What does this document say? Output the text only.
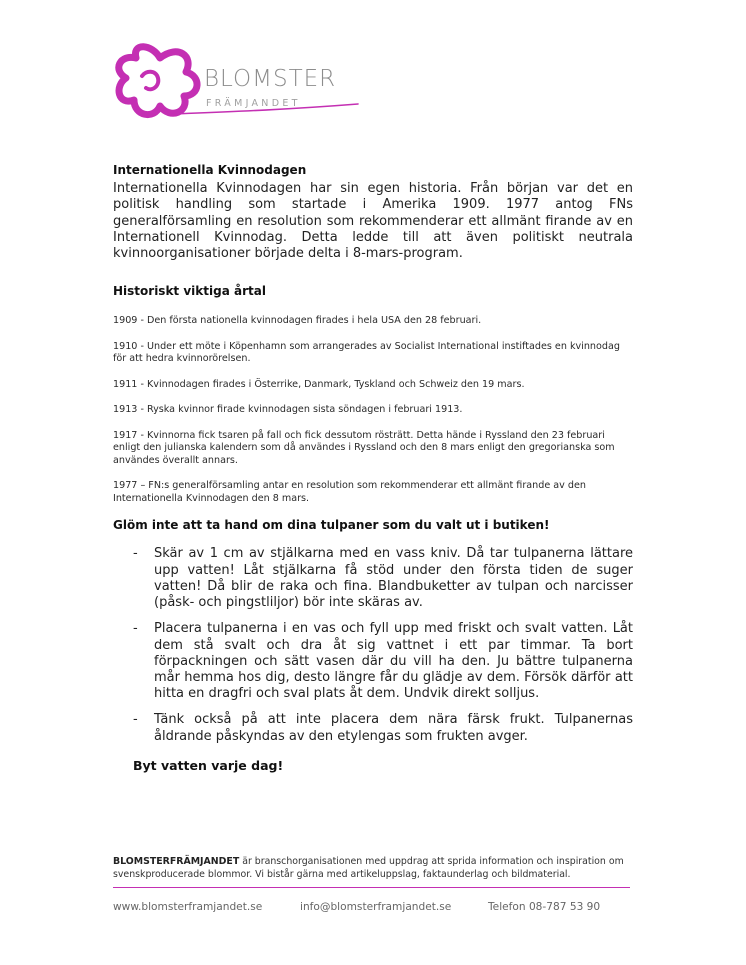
BLOMSTER
FRÄMJANDET
Internationella Kvinnodagen

Internationella Kvinnodagen har sin egen historia. Från början var det en politisk handling som startade i Amerika 1909. 1977 antog FNs generalförsamling en resolution som rekommenderar ett allmänt firande av en Internationell Kvinnodag. Detta ledde till att även politiskt neutrala kvinnoorganisationer började delta i 8-mars-program.

Historiskt viktiga årtal

1909 - Den första nationella kvinnodagen firades i hela USA den 28 februari.

1910 - Under ett möte i Köpenhamn som arrangerades av Socialist International instiftades en kvinnodag för att hedra kvinnorörelsen.

1911 - Kvinnodagen firades i Österrike, Danmark, Tyskland och Schweiz den 19 mars.

1913 - Ryska kvinnor firade kvinnodagen sista söndagen i februari 1913.

1917 - Kvinnorna fick tsaren på fall och fick dessutom rösträtt. Detta hände i Ryssland den 23 februari enligt den julianska kalendern som då användes i Ryssland och den 8 mars enligt den gregorianska som användes överallt annars.

1977 – FN:s generalförsamling antar en resolution som rekommenderar ett allmänt firande av den Internationella Kvinnodagen den 8 mars.

Glöm inte att ta hand om dina tulpaner som du valt ut i butiken!
- Skär av 1 cm av stjälkarna med en vass kniv. Då tar tulpanerna lättare upp vatten! Låt stjälkarna få stöd under den första tiden de suger vatten! Då blir de raka och fina. Blandbuketter av tulpan och narcisser (påsk- och pingstliljor) bör inte skäras av.
- Placera tulpanerna i en vas och fyll upp med friskt och svalt vatten. Låt dem stå svalt och dra åt sig vattnet i ett par timmar. Ta bort förpackningen och sätt vasen där du vill ha den. Ju bättre tulpanerna mår hemma hos dig, desto längre får du glädje av dem. Försök därför att hitta en dragfri och sval plats åt dem. Undvik direkt solljus.
- Tänk också på att inte placera dem nära färsk frukt. Tulpanernas åldrande påskyndas av den etylengas som frukten avger.
Byt vatten varje dag!
BLOMSTERFRÄMJANDET är branschorganisationen med uppdrag att sprida information och inspiration om svenskproducerade blommor. Vi bistår gärna med artikeluppslag, faktaunderlag och bildmaterial.
www.blomsterframjandet.se	info@blomsterframjandet.se	Telefon 08-787 53 90
